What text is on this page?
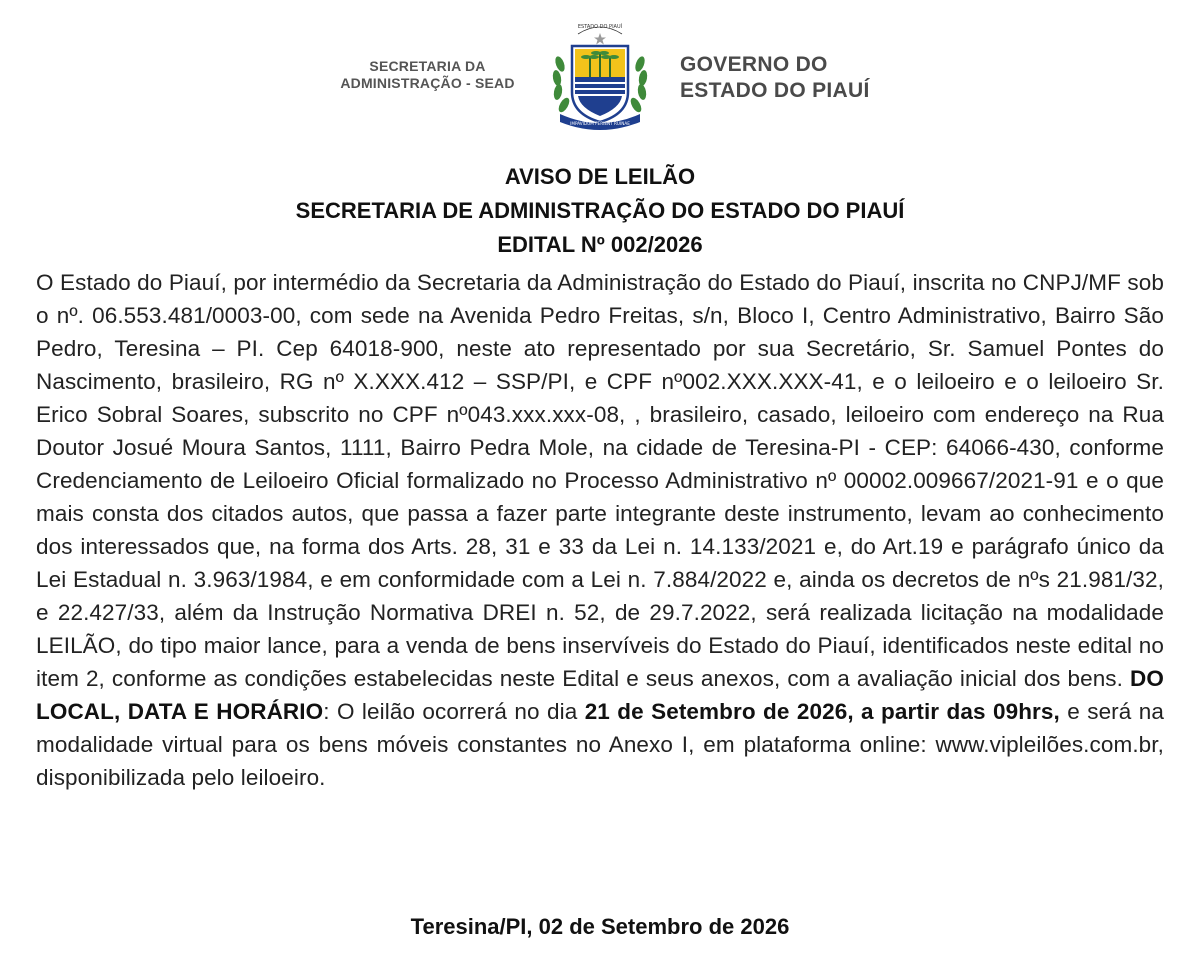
SECRETARIA DA
ADMINISTRAÇÃO - SEAD
ESTADO DO PIAUÍ
IMPAVIDUM FERIENT RUINAE
GOVERNO DO
ESTADO DO PIAUÍ
AVISO DE LEILÃO
SECRETARIA DE ADMINISTRAÇÃO DO ESTADO DO PIAUÍ
EDITAL Nº 002/2026
O Estado do Piauí, por intermédio da Secretaria da Administração do Estado do Piauí, inscrita no CNPJ/MF sob o nº. 06.553.481/0003-00, com sede na Avenida Pedro Freitas, s/n, Bloco I, Centro Administrativo, Bairro São Pedro, Teresina – PI. Cep 64018-900, neste ato representado por sua Secretário, Sr. Samuel Pontes do Nascimento, brasileiro, RG nº X.XXX.412 – SSP/PI, e CPF nº002.XXX.XXX-41, e o leiloeiro e o leiloeiro Sr. Erico Sobral Soares, subscrito no CPF nº043.xxx.xxx-08, , brasileiro, casado, leiloeiro com endereço na Rua Doutor Josué Moura Santos, 1111, Bairro Pedra Mole, na cidade de Teresina-PI - CEP: 64066-430, conforme Credenciamento de Leiloeiro Oficial formalizado no Processo Administrativo nº 00002.009667/2021-91 e o que mais consta dos citados autos, que passa a fazer parte integrante deste instrumento, levam ao conhecimento dos interessados que, na forma dos Arts. 28, 31 e 33 da Lei n. 14.133/2021 e, do Art.19 e parágrafo único da Lei Estadual n. 3.963/1984, e em conformidade com a Lei n. 7.884/2022 e, ainda os decretos de nºs 21.981/32, e 22.427/33, além da Instrução Normativa DREI n. 52, de 29.7.2022, será realizada licitação na modalidade LEILÃO, do tipo maior lance, para a venda de bens inservíveis do Estado do Piauí, identificados neste edital no item 2, conforme as condições estabelecidas neste Edital e seus anexos, com a avaliação inicial dos bens. DO LOCAL, DATA E HORÁRIO: O leilão ocorrerá no dia 21 de Setembro de 2026, a partir das 09hrs, e será na modalidade virtual para os bens móveis constantes no Anexo I, em plataforma online: www.vipleilões.com.br, disponibilizada pelo leiloeiro.
Teresina/PI, 02 de Setembro de 2026
